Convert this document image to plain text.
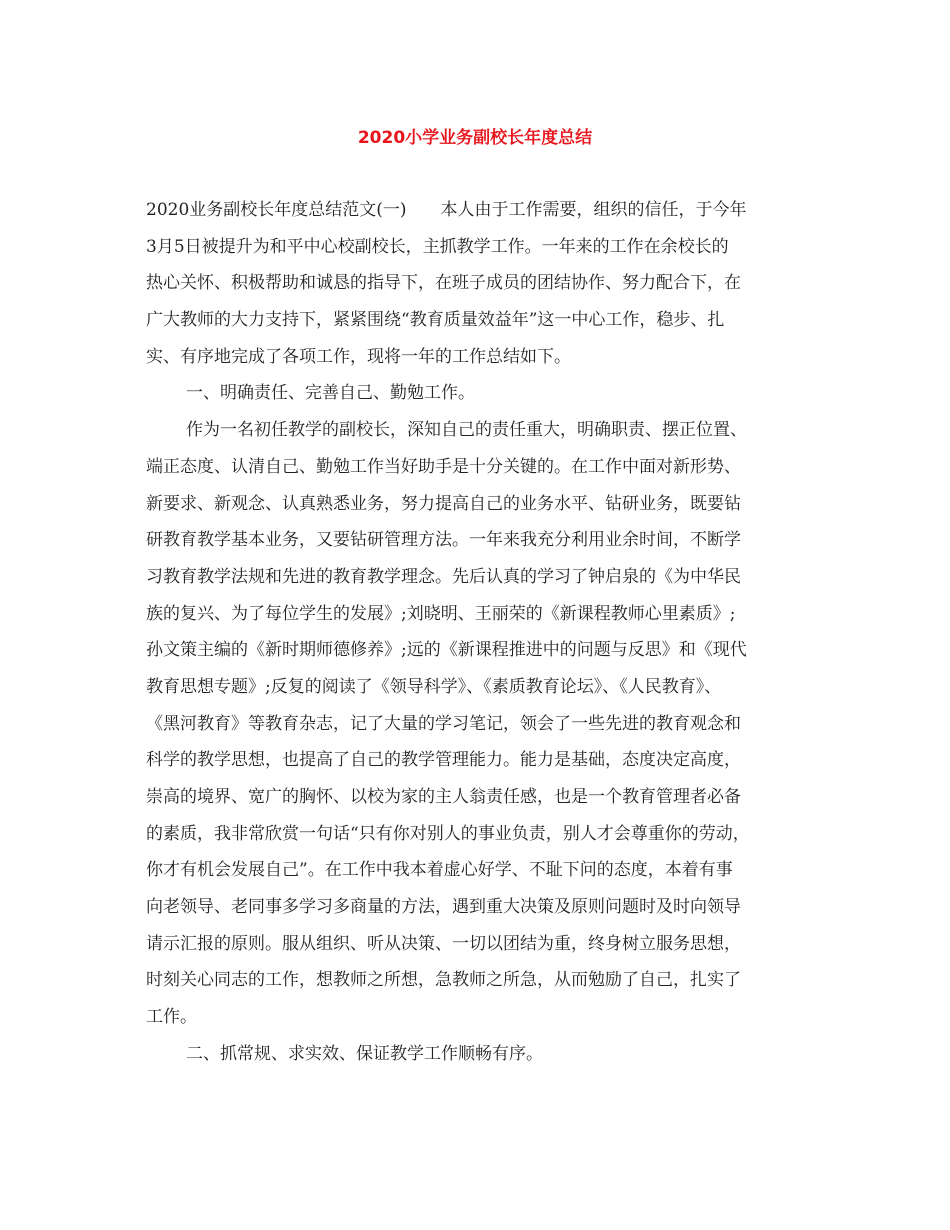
2020小学业务副校长年度总结
2020业务副校长年度总结范文(一)　　本人由于工作需要，组织的信任，于今年
3月5日被提升为和平中心校副校长，主抓教学工作。一年来的工作在余校长的
热心关怀、积极帮助和诚恳的指导下，在班子成员的团结协作、努力配合下，在
广大教师的大力支持下，紧紧围绕“教育质量效益年”这一中心工作，稳步、扎
实、有序地完成了各项工作，现将一年的工作总结如下。
一、明确责任、完善自己、勤勉工作。
作为一名初任教学的副校长，深知自己的责任重大，明确职责、摆正位置、
端正态度、认清自己、勤勉工作当好助手是十分关键的。在工作中面对新形势、
新要求、新观念、认真熟悉业务，努力提高自己的业务水平、钻研业务，既要钻
研教育教学基本业务，又要钻研管理方法。一年来我充分利用业余时间，不断学
习教育教学法规和先进的教育教学理念。先后认真的学习了钟启泉的《为中华民
族的复兴、为了每位学生的发展》;刘晓明、王丽荣的《新课程教师心里素质》;
孙文策主编的《新时期师德修养》;远的《新课程推进中的问题与反思》和《现代
教育思想专题》;反复的阅读了《领导科学》、《素质教育论坛》、《人民教育》、
《黑河教育》等教育杂志，记了大量的学习笔记，领会了一些先进的教育观念和
科学的教学思想，也提高了自己的教学管理能力。能力是基础，态度决定高度，
崇高的境界、宽广的胸怀、以校为家的主人翁责任感，也是一个教育管理者必备
的素质，我非常欣赏一句话“只有你对别人的事业负责，别人才会尊重你的劳动，
你才有机会发展自己”。在工作中我本着虚心好学、不耻下问的态度，本着有事
向老领导、老同事多学习多商量的方法，遇到重大决策及原则问题时及时向领导
请示汇报的原则。服从组织、听从决策、一切以团结为重，终身树立服务思想，
时刻关心同志的工作，想教师之所想，急教师之所急，从而勉励了自己，扎实了
工作。
二、抓常规、求实效、保证教学工作顺畅有序。
